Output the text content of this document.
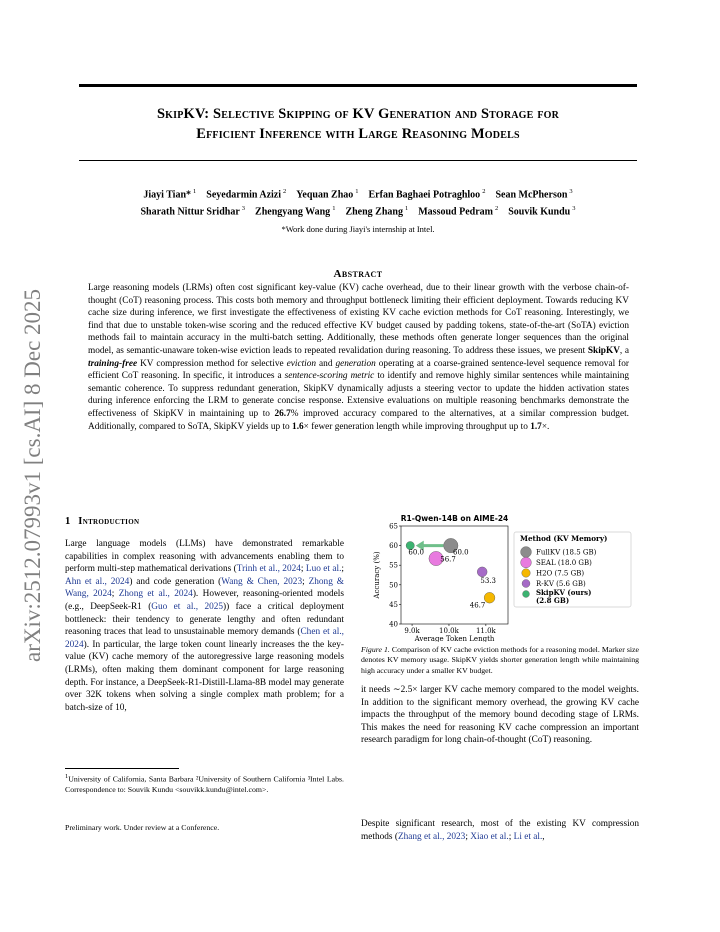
SkipKV: Selective Skipping of KV Generation and Storage for
Efficient Inference with Large Reasoning Models
Jiayi Tian*  $^1$  Seyedarmin Azizi  $^2$  Yequan Zhao  $^1$  Erfan Baghaei Potraghloo  $^2$  Sean McPherson  $^3$
Sharath Nittur Sridhar  $^3$  Zhengyang Wang  $^1$  Zheng Zhang  $^1$  Massoud Pedram  $^2$  Souvik Kundu  $^3$
*Work done during Jiayi's internship at Intel.
arXiv:2512.07993v1 [cs.AI] 8 Dec 2025
Abstract

Large reasoning models (LRMs) often cost significant key-value (KV) cache overhead, due to their linear growth with the verbose chain-of-thought (CoT) reasoning process. This costs both memory and throughput bottleneck limiting their efficient deployment. Towards reducing KV cache size during inference, we first investigate the effectiveness of existing KV cache eviction methods for CoT reasoning. Interestingly, we find that due to unstable token-wise scoring and the reduced effective KV budget caused by padding tokens, state-of-the-art (SoTA) eviction methods fail to maintain accuracy in the multi-batch setting. Additionally, these methods often generate longer sequences than the original model, as semantic-unaware token-wise eviction leads to repeated revalidation during reasoning. To address these issues, we present SkipKV, a training-free KV compression method for selective eviction and generation operating at a coarse-grained sentence-level sequence removal for efficient CoT reasoning. In specific, it introduces a sentence-scoring metric to identify and remove highly similar sentences while maintaining semantic coherence. To suppress redundant generation, SkipKV dynamically adjusts a steering vector to update the hidden activation states during inference enforcing the LRM to generate concise response. Extensive evaluations on multiple reasoning benchmarks demonstrate the effectiveness of SkipKV in maintaining up to 26.7% improved accuracy compared to the alternatives, at a similar compression budget. Additionally, compared to SoTA, SkipKV yields up to 1.6× fewer generation length while improving throughput up to 1.7×.

1 Introduction

Large language models (LLMs) have demonstrated remarkable capabilities in complex reasoning with advancements enabling them to perform multi-step mathematical derivations (Trinh et al., 2024; Luo et al.; Ahn et al., 2024) and code generation (Wang & Chen, 2023; Zhong & Wang, 2024; Zhong et al., 2024). However, reasoning-oriented models (e.g., DeepSeek-R1 (Guo et al., 2025)) face a critical deployment bottleneck: their tendency to generate lengthy and often redundant reasoning traces that lead to unsustainable memory demands (Chen et al., 2024). In particular, the large token count linearly increases the the key-value (KV) cache memory of the autoregressive large reasoning models (LRMs), often making them dominant component for large reasoning depth. For instance, a DeepSeek-R1-Distill-Llama-8B model may generate over 32K tokens when solving a single complex math problem; for a batch-size of 10,

$^1$University of California, Santa Barbara ²University of Southern California ³Intel Labs. Correspondence to: Souvik Kundu <souvikk.kundu@intel.com>.
Preliminary work. Under review at a Conference.
R1-Qwen-14B on AIME-24
40
45
50
55
60
65
9.0k	10.0k 11.0k
Average Token Length
Accuracy (%)	60.0
56.7
46.7
53.3
60.0
Method (KV Memory)
FullKV (18.5 GB)
SEAL (18.0 GB)
H2O (7.5 GB)
R-KV (5.6 GB)
SkipKV (ours) (2.8 GB)
Figure 1. Comparison of KV cache eviction methods for a reasoning model. Marker size denotes KV memory usage. SkipKV yields shorter generation length while maintaining high accuracy under a smaller KV budget.
it needs ∼2.5× larger KV cache memory compared to the model weights. In addition to the significant memory overhead, the growing KV cache impacts the throughput of the memory bound decoding stage of LRMs. This makes the need for reasoning KV cache compression an important research paradigm for long chain-of-thought (CoT) reasoning.
Despite significant research, most of the existing KV compression methods (Zhang et al., 2023; Xiao et al.; Li et al.,
